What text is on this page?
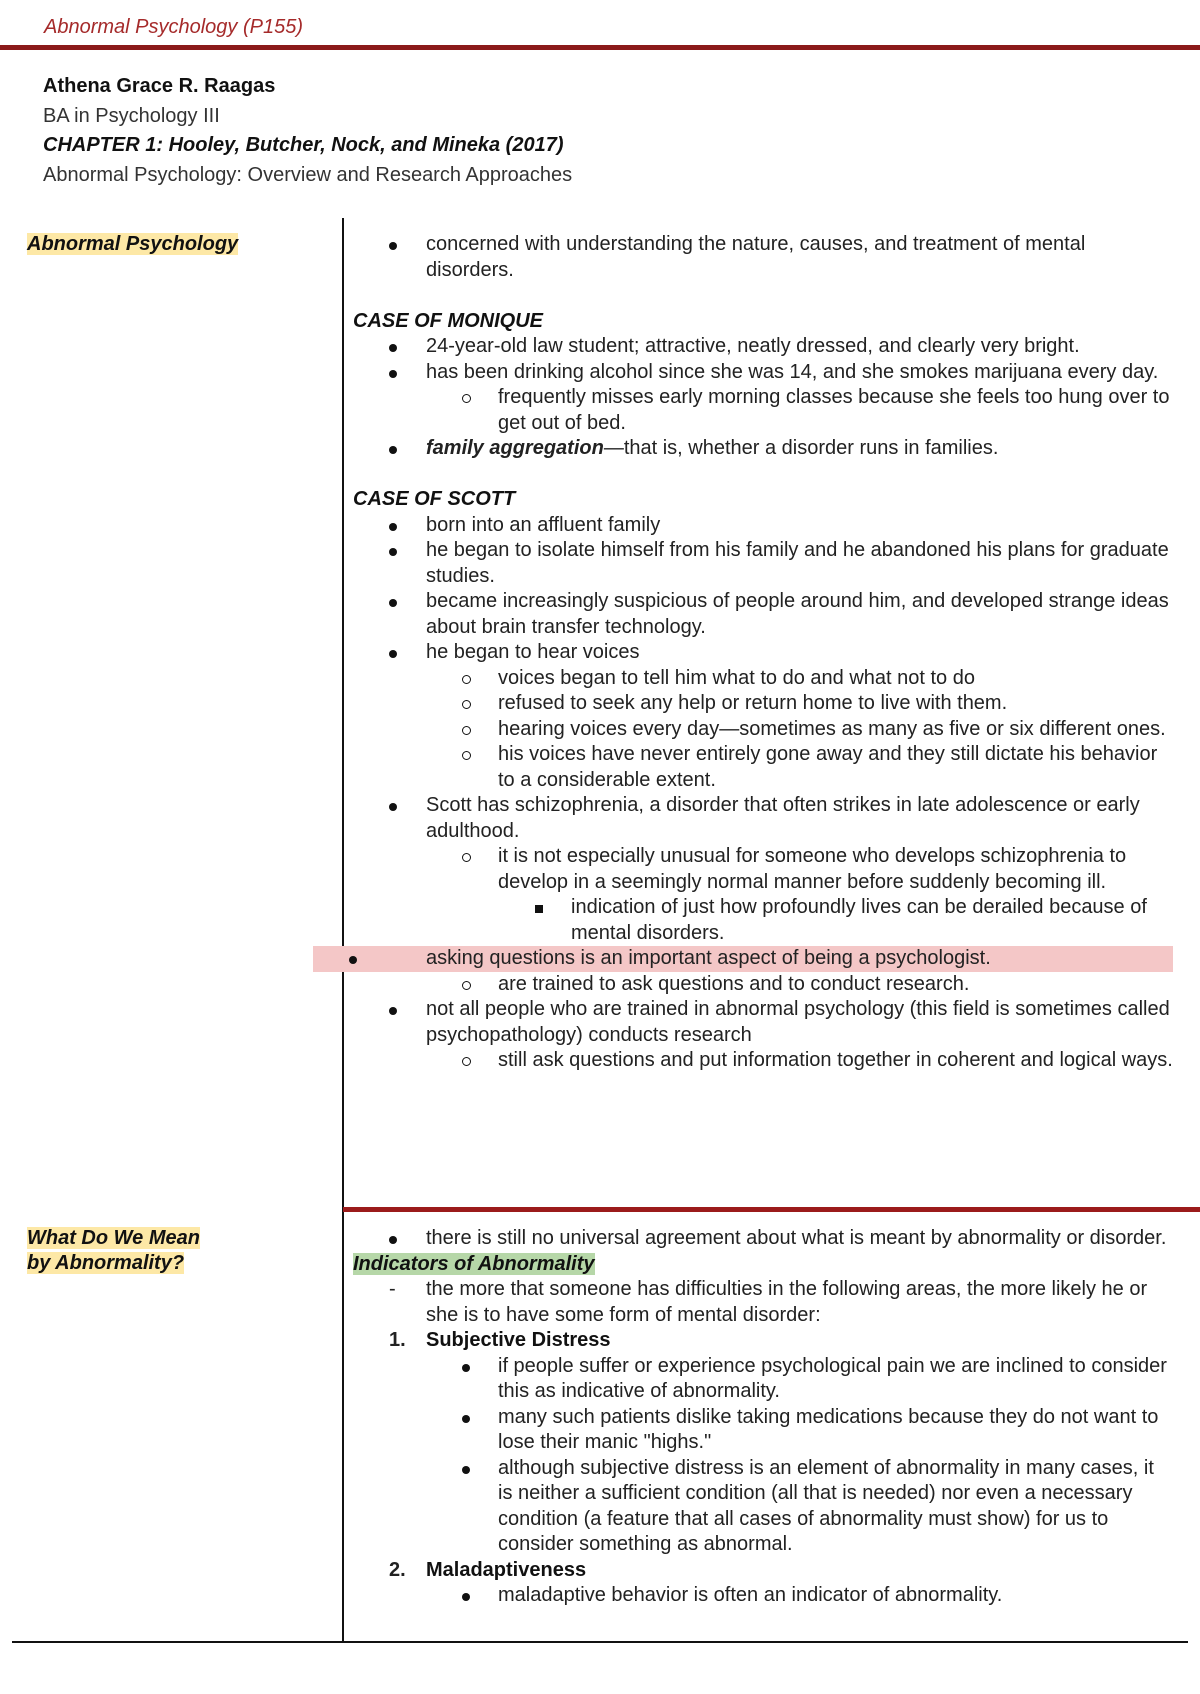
Abnormal Psychology (P155)
Athena Grace R. Raagas
BA in Psychology III
CHAPTER 1: Hooley, Butcher, Nock, and Mineka (2017)
Abnormal Psychology: Overview and Research Approaches
Abnormal Psychology	concerned with understanding the nature, causes, and treatment of mental disorders.
CASE OF MONIQUE
24-year-old law student; attractive, neatly dressed, and clearly very bright.
has been drinking alcohol since she was 14, and she smokes marijuana every day.
frequently misses early morning classes because she feels too hung over to get out of bed.
family aggregation—that is, whether a disorder runs in families.
CASE OF SCOTT
born into an affluent family
he began to isolate himself from his family and he abandoned his plans for graduate studies.
became increasingly suspicious of people around him, and developed strange ideas about brain transfer technology.
he began to hear voices
voices began to tell him what to do and what not to do
refused to seek any help or return home to live with them.
hearing voices every day—sometimes as many as five or six different ones.
his voices have never entirely gone away and they still dictate his behavior to a considerable extent.
Scott has schizophrenia, a disorder that often strikes in late adolescence or early adulthood.
it is not especially unusual for someone who develops schizophrenia to develop in a seemingly normal manner before suddenly becoming ill.
indication of just how profoundly lives can be derailed because of mental disorders.
asking questions is an important aspect of being a psychologist.
are trained to ask questions and to conduct research.
not all people who are trained in abnormal psychology (this field is sometimes called psychopathology) conducts research
still ask questions and put information together in coherent and logical ways.
What Do We Mean
by Abnormality?
there is still no universal agreement about what is meant by abnormality or disorder.
Indicators of Abnormality
- the more that someone has difficulties in the following areas, the more likely he or she is to have some form of mental disorder:
1. Subjective Distress
if people suffer or experience psychological pain we are inclined to consider this as indicative of abnormality.
many such patients dislike taking medications because they do not want to lose their manic "highs."
although subjective distress is an element of abnormality in many cases, it is neither a sufficient condition (all that is needed) nor even a necessary condition (a feature that all cases of abnormality must show) for us to consider something as abnormal.
2. Maladaptiveness
maladaptive behavior is often an indicator of abnormality.
